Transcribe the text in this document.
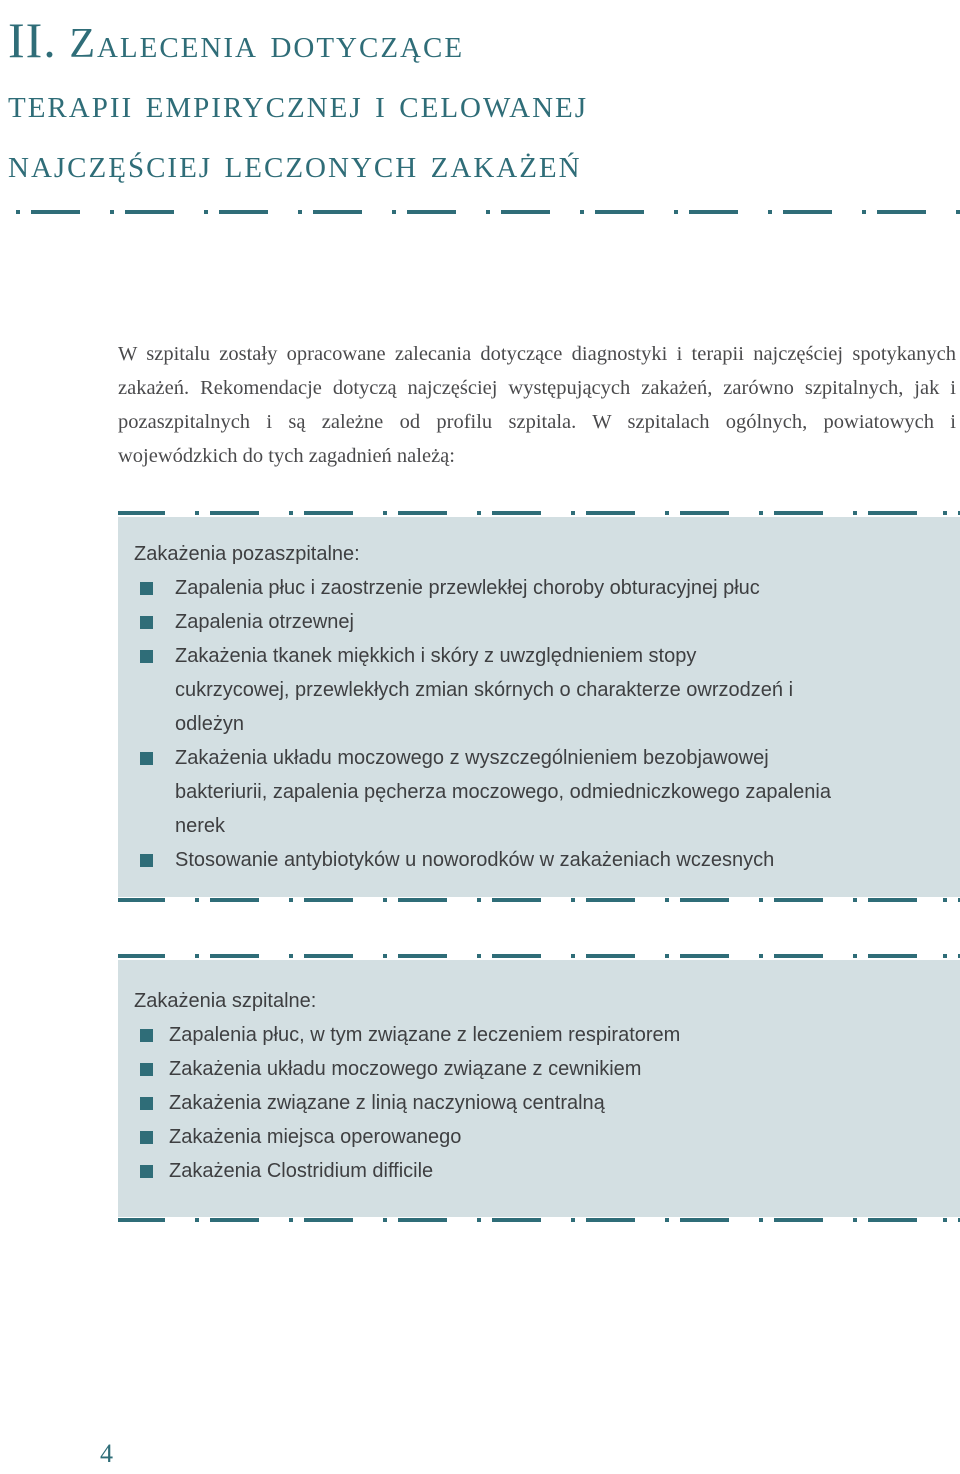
II. Zalecenia dotyczące
terapii empirycznej i celowanej
najczęściej leczonych zakażeń

W szpitalu zostały opracowane zalecania dotyczące diagnostyki i terapii najczęściej spotykanych zakażeń. Rekomendacje dotyczą najczęściej występujących zakażeń, zarówno szpitalnych, jak i pozaszpitalnych i są zależne od profilu szpitala. W szpitalach ogólnych, powiatowych i wojewódzkich do tych zagadnień należą:

Zakażenia pozaszpitalne:
Zapalenia płuc i zaostrzenie przewlekłej choroby obturacyjnej płuc
Zapalenia otrzewnej
Zakażenia tkanek miękkich i skóry z uwzględnieniem stopy cukrzycowej, przewlekłych zmian skórnych o charakterze owrzodzeń i odleżyn
Zakażenia układu moczowego z wyszczególnieniem bezobjawowej bakteriurii, zapalenia pęcherza moczowego, odmiedniczkowego zapalenia nerek
Stosowanie antybiotyków u noworodków w zakażeniach wczesnych
Zakażenia szpitalne:
Zapalenia płuc, w tym związane z leczeniem respiratorem
Zakażenia układu moczowego związane z cewnikiem
Zakażenia związane z linią naczyniową centralną
Zakażenia miejsca operowanego
Zakażenia Clostridium difficile
4
